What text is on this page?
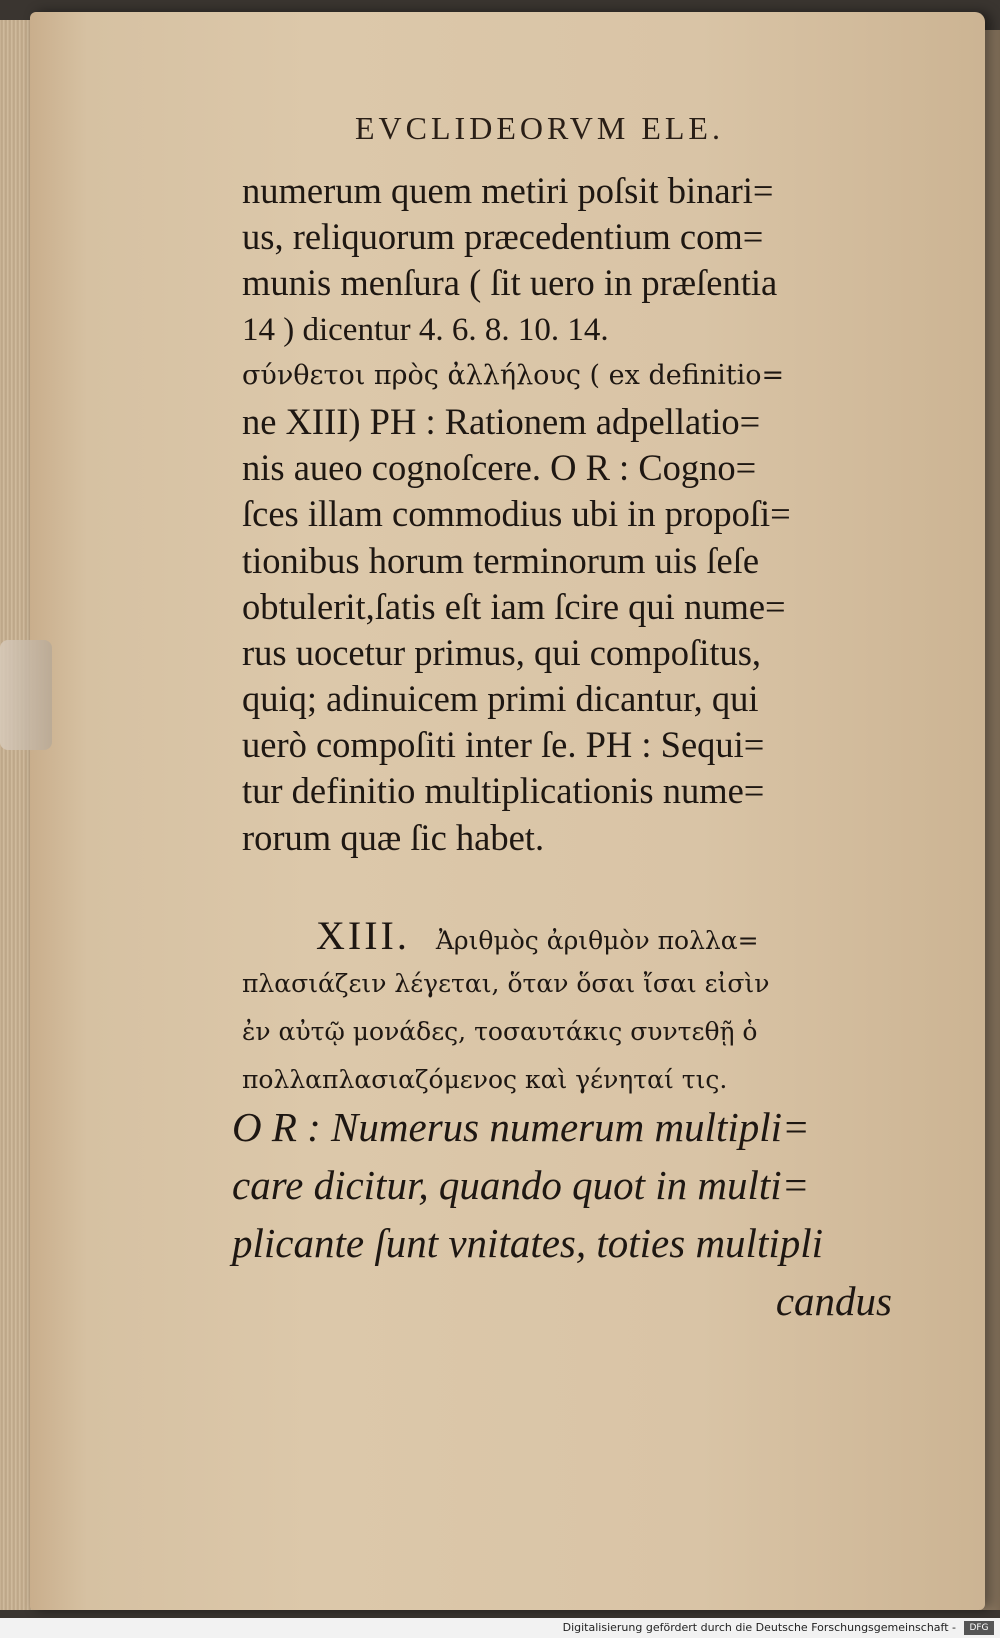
EVCLIDEORVM ELE.
numerum quem metiri poſsit binari=
us, reliquorum præcedentium com=
munis menſura ( ſit uero in præſentia
14 ) dicentur 4. 6. 8. 10. 14.
σύνθετοι πρὸς ἀλλήλους ( ex definitio=
ne XIII) PH : Rationem adpellatio=
nis aueo cognoſcere. O R : Cogno=
ſces illam commodius ubi in propoſi=
tionibus horum terminorum uis ſeſe
obtulerit,ſatis eſt iam ſcire qui nume=
rus uocetur primus, qui compoſitus,
quiq; adinuicem primi dicantur, qui
uerò compoſiti inter ſe. PH : Sequi=
tur definitio multiplicationis nume=
rorum quæ ſic habet.
XIII. Ἀριθμὸς ἀριθμὸν πολλα=
πλασιάζειν λέγεται, ὅταν ὅσαι ἴσαι εἰσὶν
ἐν αὐτῷ μονάδες, τοσαυτάκις συντεθῇ ὁ
πολλαπλασιαζόμενος καὶ γένηταί τις.
O R : Numerus numerum multipli=
care dicitur, quando quot in multi=
plicante ſunt vnitates, toties multipli
candus
Digitalisierung gefördert durch die Deutsche Forschungsgemeinschaft -	DFG
